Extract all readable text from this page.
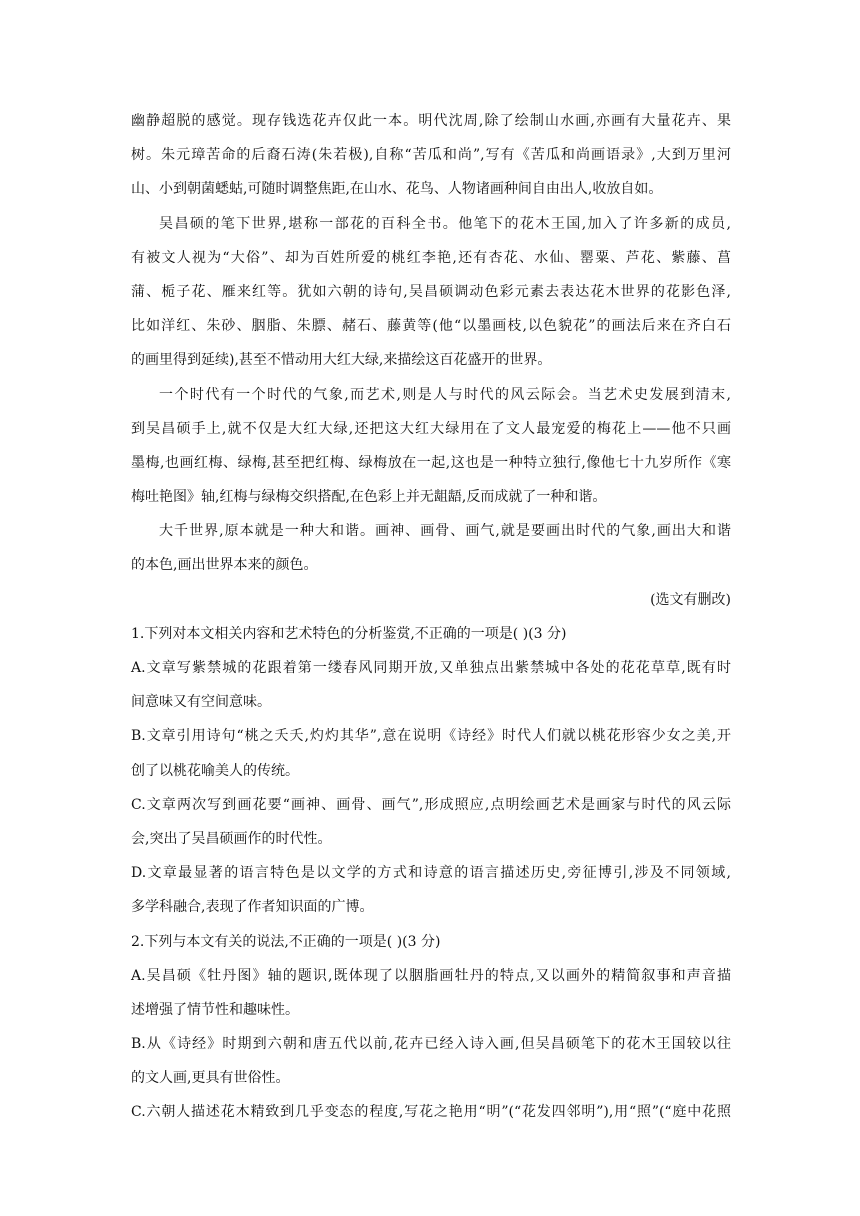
幽静超脱的感觉。现存钱选花卉仅此一本。明代沈周,除了绘制山水画,亦画有大量花卉、果
树。朱元璋苦命的后裔石涛(朱若极),自称“苦瓜和尚”,写有《苦瓜和尚画语录》,大到万里河
山、小到朝菌蟋蛄,可随时调整焦距,在山水、花鸟、人物诸画种间自由出人,收放自如。
吴昌硕的笔下世界,堪称一部花的百科全书。他笔下的花木王国,加入了许多新的成员,
有被文人视为“大俗”、却为百姓所爱的桃红李艳,还有杏花、水仙、罂粟、芦花、紫藤、菖
蒲、栀子花、雁来红等。犹如六朝的诗句,吴昌硕调动色彩元素去表达花木世界的花影色泽,
比如洋红、朱砂、胭脂、朱膘、赭石、藤黄等(他“以墨画枝,以色貌花”的画法后来在齐白石
的画里得到延续),甚至不惜动用大红大绿,来描绘这百花盛开的世界。
一个时代有一个时代的气象,而艺术,则是人与时代的风云际会。当艺术史发展到清末,
到吴昌硕手上,就不仅是大红大绿,还把这大红大绿用在了文人最宠爱的梅花上——他不只画
墨梅,也画红梅、绿梅,甚至把红梅、绿梅放在一起,这也是一种特立独行,像他七十九岁所作《寒
梅吐艳图》轴,红梅与绿梅交织搭配,在色彩上并无龃龉,反而成就了一种和谐。
大千世界,原本就是一种大和谐。画神、画骨、画气,就是要画出时代的气象,画出大和谐
的本色,画出世界本来的颜色。
(选文有删改)
1.下列对本文相关内容和艺术特色的分析鉴赏,不正确的一项是( )(3 分)
A.文章写紫禁城的花跟着第一缕春风同期开放,又单独点出紫禁城中各处的花花草草,既有时
间意味又有空间意味。
B.文章引用诗句“桃之夭夭,灼灼其华”,意在说明《诗经》时代人们就以桃花形容少女之美,开
创了以桃花喻美人的传统。
C.文章两次写到画花要“画神、画骨、画气”,形成照应,点明绘画艺术是画家与时代的风云际
会,突出了吴昌硕画作的时代性。
D.文章最显著的语言特色是以文学的方式和诗意的语言描述历史,旁征博引,涉及不同领域,
多学科融合,表现了作者知识面的广博。
2.下列与本文有关的说法,不正确的一项是( )(3 分)
A.吴昌硕《牡丹图》轴的题识,既体现了以胭脂画牡丹的特点,又以画外的精简叙事和声音描
述增强了情节性和趣味性。
B.从《诗经》时期到六朝和唐五代以前,花卉已经入诗入画,但吴昌硕笔下的花木王国较以往
的文人画,更具有世俗性。
C.六朝人描述花木精致到几乎变态的程度,写花之艳用“明”(“花发四邻明”),用“照”(“庭中花照
